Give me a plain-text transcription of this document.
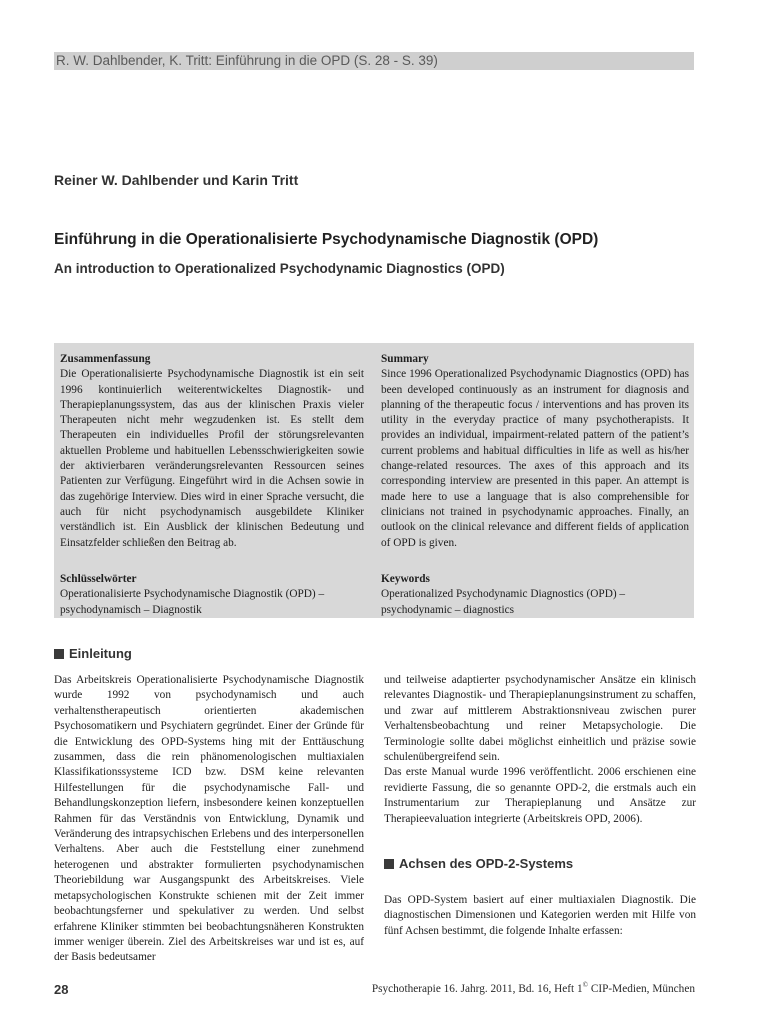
R. W. Dahlbender, K. Tritt: Einführung in die OPD (S. 28 - S. 39)
Reiner W. Dahlbender und Karin Tritt
Einführung in die Operationalisierte Psychodynamische Diagnostik (OPD)
An introduction to Operationalized Psychodynamic Diagnostics (OPD)
Zusammenfassung
Die Operationalisierte Psychodynamische Diagnostik ist ein seit 1996 kontinuierlich weiterentwickeltes Diagnostik- und Therapieplanungssystem, das aus der klinischen Praxis vieler Therapeuten nicht mehr wegzudenken ist. Es stellt dem Therapeuten ein individuelles Profil der störungsrelevanten aktuellen Probleme und habituellen Lebensschwierigkeiten sowie der aktivierbaren veränderungsrelevanten Ressourcen seines Patienten zur Verfügung. Eingeführt wird in die Achsen sowie in das zugehörige Interview. Dies wird in einer Sprache versucht, die auch für nicht psychodynamisch ausgebildete Kliniker verständlich ist. Ein Ausblick der klinischen Bedeutung und Einsatzfelder schließen den Beitrag ab.
Summary
Since 1996 Operationalized Psychodynamic Diagnostics (OPD) has been developed continuously as an instrument for diagnosis and planning of the therapeutic focus / interventions and has proven its utility in the everyday practice of many psychotherapists. It provides an individual, impairment-related pattern of the patient’s current problems and habitual difficulties in life as well as his/her change-related resources. The axes of this approach and its corresponding interview are presented in this paper. An attempt is made here to use a language that is also comprehensible for clinicians not trained in psychodynamic approaches. Finally, an outlook on the clinical relevance and different fields of application of OPD is given.
Schlüsselwörter
Operationalisierte Psychodynamische Diagnostik (OPD) – psychodynamisch – Diagnostik
Keywords
Operationalized Psychodynamic Diagnostics (OPD) – psychodynamic – diagnostics
Einleitung

Das Arbeitskreis Operationalisierte Psychodynamische Diagnostik wurde 1992 von psychodynamisch und auch verhaltenstherapeutisch orientierten akademischen Psychosomatikern und Psychiatern gegründet. Einer der Gründe für die Entwicklung des OPD-Systems hing mit der Enttäuschung zusammen, dass die rein phänomenologischen multiaxialen Klassifikationssysteme ICD bzw. DSM keine relevanten Hilfestellungen für die psychodynamische Fall- und Behandlungskonzeption liefern, insbesondere keinen konzeptuellen Rahmen für das Verständnis von Entwicklung, Dynamik und Veränderung des intrapsychischen Erlebens und des interpersonellen Verhaltens. Aber auch die Feststellung einer zunehmend heterogenen und abstrakter formulierten psychodynamischen Theoriebildung war Ausgangspunkt des Arbeitskreises. Viele metapsychologischen Konstrukte schienen mit der Zeit immer beobachtungsferner und spekulativer zu werden. Und selbst erfahrene Kliniker stimmten bei beobachtungsnäheren Konstrukten immer weniger überein. Ziel des Arbeitskreises war und ist es, auf der Basis bedeutsamer

und teilweise adaptierter psychodynamischer Ansätze ein klinisch relevantes Diagnostik- und Therapieplanungsinstrument zu schaffen, und zwar auf mittlerem Abstraktionsniveau zwischen purer Verhaltensbeobachtung und reiner Metapsychologie. Die Terminologie sollte dabei möglichst einheitlich und präzise sowie schulenübergreifend sein.

Das erste Manual wurde 1996 veröffentlicht. 2006 erschienen eine revidierte Fassung, die so genannte OPD-2, die erstmals auch ein Instrumentarium zur Therapieplanung und Ansätze zur Therapieevaluation integrierte (Arbeitskreis OPD, 2006).

Achsen des OPD-2-Systems

Das OPD-System basiert auf einer multiaxialen Diagnostik. Die diagnostischen Dimensionen und Kategorien werden mit Hilfe von fünf Achsen bestimmt, die folgende Inhalte erfassen:

28	Psychotherapie 16. Jahrg. 2011, Bd. 16, Heft 1© CIP-Medien, München
